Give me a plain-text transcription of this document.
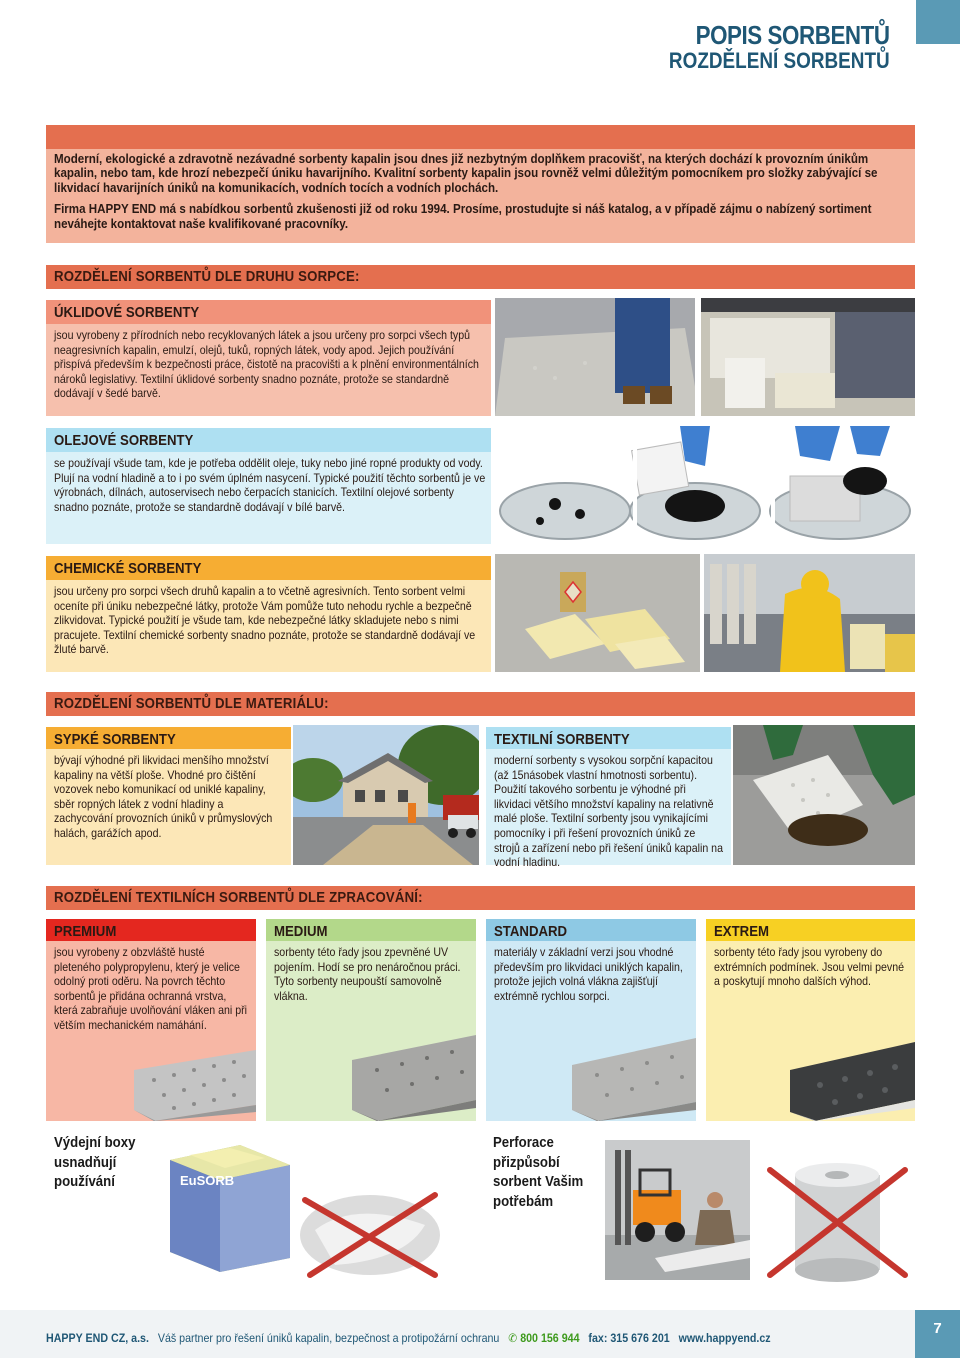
POPIS SORBENTŮ
ROZDĚLENÍ SORBENTŮ

Moderní, ekologické a zdravotně nezávadné sorbenty kapalin jsou dnes již nezbytným doplňkem pracovišť, na kterých dochází k provozním únikům kapalin, nebo tam, kde hrozí nebezpečí úniku havarijního. Kvalitní sorbenty kapalin jsou rovněž velmi důležitým pomocníkem pro složky zabývající se likvidací havarijních úniků na komunikacích, vodních tocích a vodních plochách.

Firma HAPPY END má s nabídkou sorbentů zkušenosti již od roku 1994. Prosíme, prostudujte si náš katalog, a v případě zájmu o nabízený sortiment neváhejte kontaktovat naše kvalifikované pracovníky.

ROZDĚLENÍ SORBENTŮ DLE DRUHU SORPCE:
ÚKLIDOVÉ SORBENTY

jsou vyrobeny z přírodních nebo recyklovaných látek a jsou určeny pro sorpci všech typů neagresivních kapalin, emulzí, olejů, tuků, ropných látek, vody apod. Jejich používání přispívá především k bezpečnosti práce, čistotě na pracovišti a k plnění environmentálních nároků legislativy. Textilní úklidové sorbenty snadno poznáte, protože se standardně dodávají v šedé barvě.

OLEJOVÉ SORBENTY

se používají všude tam, kde je potřeba oddělit oleje, tuky nebo jiné ropné produkty od vody. Plují na vodní hladině a to i po svém úplném nasycení. Typické použití těchto sorbentů je ve výrobnách, dílnách, autoservisech nebo čerpacích stanicích. Textilní olejové sorbenty snadno poznáte, protože se standardně dodávají v bílé barvě.

CHEMICKÉ SORBENTY

jsou určeny pro sorpci všech druhů kapalin a to včetně agresivních. Tento sorbent velmi oceníte při úniku nebezpečné látky, protože Vám pomůže tuto nehodu rychle a bezpečně zlikvidovat. Typické použití je všude tam, kde nebezpečné látky skladujete nebo s nimi pracujete. Textilní chemické sorbenty snadno poznáte, protože se standardně dodávají ve žluté barvě.

ROZDĚLENÍ SORBENTŮ DLE MATERIÁLU:
SYPKÉ SORBENTY

bývají výhodné při likvidaci menšího množství kapaliny na větší ploše. Vhodné pro čištění vozovek nebo komunikací od uniklé kapaliny, sběr ropných látek z vodní hladiny a zachycování provozních úniků v průmyslových halách, garážích apod.

TEXTILNÍ SORBENTY

moderní sorbenty s vysokou sorpční kapacitou (až 15násobek vlastní hmotnosti sorbentu). Použití takového sorbentu je výhodné při likvidaci většího množství kapaliny na relativně malé ploše. Textilní sorbenty jsou vynikajícími pomocníky i při řešení provozních úniků ze strojů a zařízení nebo při řešení úniků kapalin na vodní hladinu.

ROZDĚLENÍ TEXTILNÍCH SORBENTŮ DLE ZPRACOVÁNÍ:
PREMIUM

jsou vyrobeny z obzvláště husté pleteného polypropylenu, který je velice odolný proti oděru. Na povrch těchto sorbentů je přidána ochranná vrstva, která zabraňuje uvolňování vláken ani při větším mechanickém namáhání.

MEDIUM

sorbenty této řady jsou zpevněné UV pojením. Hodí se pro nenáročnou práci. Tyto sorbenty neupouští samovolně vlákna.

STANDARD

materiály v základní verzi jsou vhodné především pro likvidaci uniklých kapalin, protože jejich volná vlákna zajišťují extrémně rychlou sorpci.

EXTREM

sorbenty této řady jsou vyrobeny do extrémních podmínek. Jsou velmi pevné a poskytují mnoho dalších výhod.

Výdejní boxy usnadňují používání	EuSORB
Perforace přizpůsobí sorbent Vašim potřebám
HAPPY END CZ, a.s. Váš partner pro řešení úniků kapalin, bezpečnost a protipožární ochranu ✆ 800 156 944 fax: 315 676 201 www.happyend.cz
7
